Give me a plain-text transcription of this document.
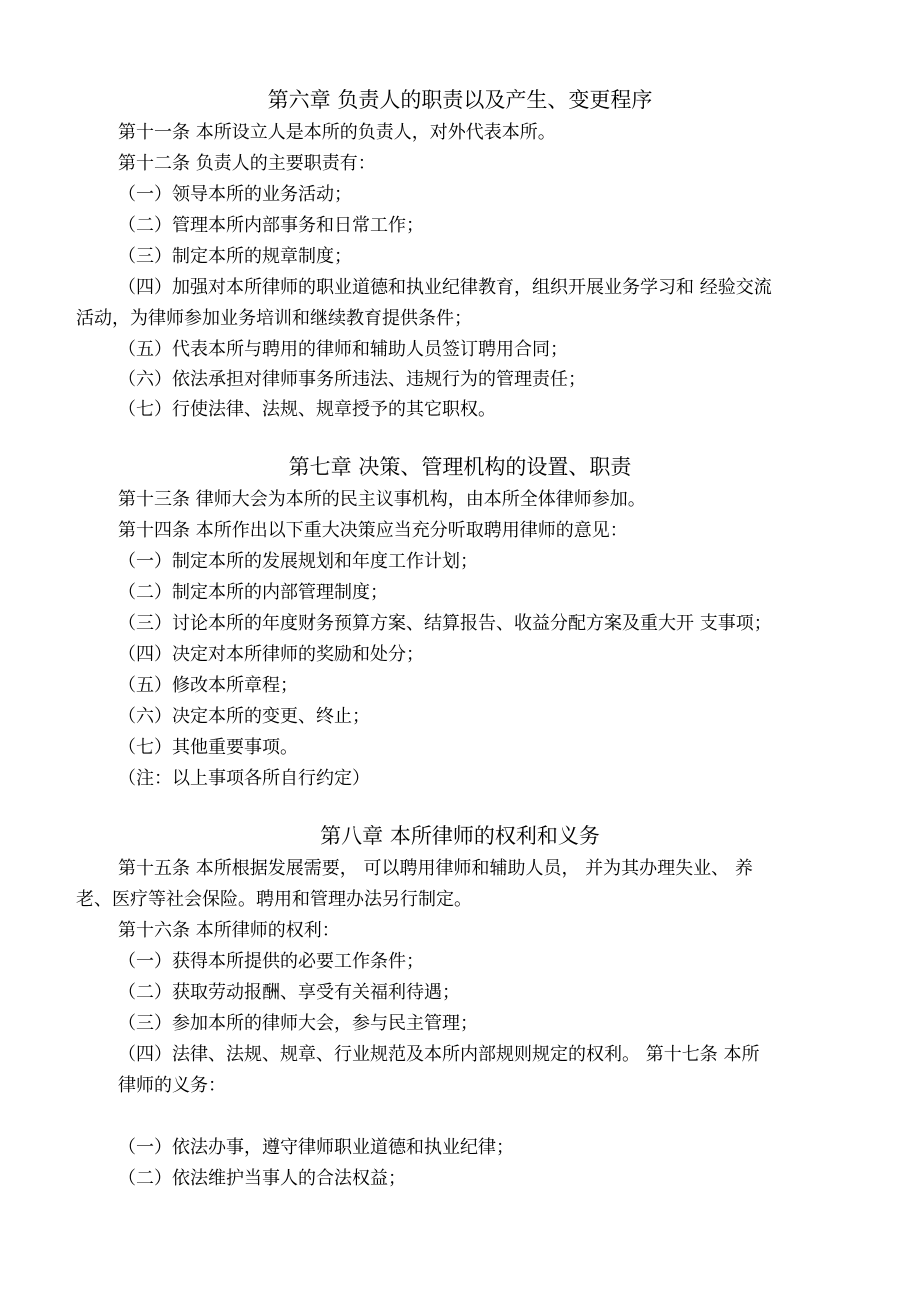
第六章 负责人的职责以及产生、变更程序
第十一条 本所设立人是本所的负责人，对外代表本所。
第十二条 负责人的主要职责有：
（一）领导本所的业务活动；
（二）管理本所内部事务和日常工作；
（三）制定本所的规章制度；
（四）加强对本所律师的职业道德和执业纪律教育，组织开展业务学习和 经验交流
活动，为律师参加业务培训和继续教育提供条件；
（五）代表本所与聘用的律师和辅助人员签订聘用合同；
（六）依法承担对律师事务所违法、违规行为的管理责任；
（七）行使法律、法规、规章授予的其它职权。
第七章 决策、管理机构的设置、职责
第十三条 律师大会为本所的民主议事机构，由本所全体律师参加。
第十四条 本所作出以下重大决策应当充分听取聘用律师的意见：
（一）制定本所的发展规划和年度工作计划；
（二）制定本所的内部管理制度；
（三）讨论本所的年度财务预算方案、结算报告、收益分配方案及重大开 支事项；
（四）决定对本所律师的奖励和处分；
（五）修改本所章程；
（六）决定本所的变更、终止；
（七）其他重要事项。
（注：以上事项各所自行约定）
第八章 本所律师的权利和义务
第十五条 本所根据发展需要， 可以聘用律师和辅助人员， 并为其办理失业、 养
老、医疗等社会保险。聘用和管理办法另行制定。
第十六条 本所律师的权利：
（一）获得本所提供的必要工作条件；
（二）获取劳动报酬、享受有关福利待遇；
（三）参加本所的律师大会，参与民主管理；
（四）法律、法规、规章、行业规范及本所内部规则规定的权利。 第十七条 本所
律师的义务：
（一）依法办事，遵守律师职业道德和执业纪律；
（二）依法维护当事人的合法权益；
